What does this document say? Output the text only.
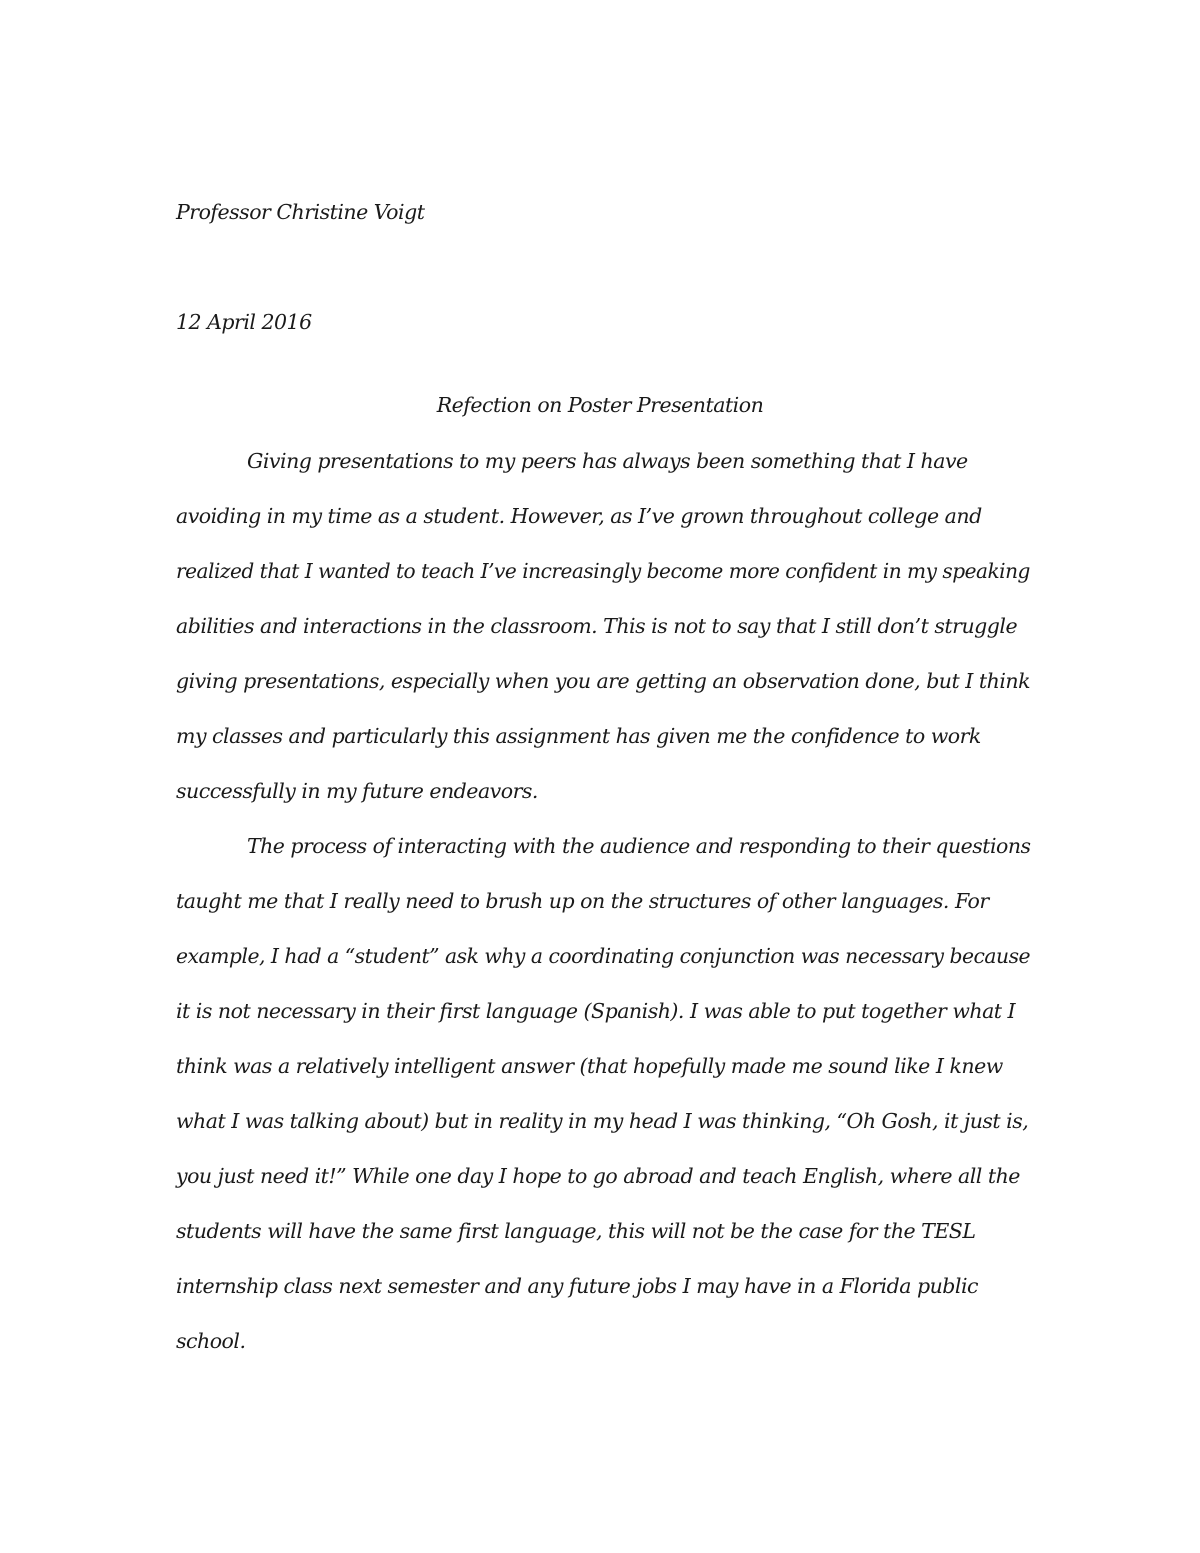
Professor Christine Voigt
12 April 2016
Refection on Poster Presentation
Giving presentations to my peers has always been something that I have
avoiding in my time as a student. However, as I’ve grown throughout college and
realized that I wanted to teach I’ve increasingly become more confident in my speaking
abilities and interactions in the classroom. This is not to say that I still don’t struggle
giving presentations, especially when you are getting an observation done, but I think
my classes and particularly this assignment has given me the confidence to work
successfully in my future endeavors.
The process of interacting with the audience and responding to their questions
taught me that I really need to brush up on the structures of other languages. For
example, I had a “student” ask why a coordinating conjunction was necessary because
it is not necessary in their first language (Spanish). I was able to put together what I
think was a relatively intelligent answer (that hopefully made me sound like I knew
what I was talking about) but in reality in my head I was thinking, “Oh Gosh, it just is,
you just need it!” While one day I hope to go abroad and teach English, where all the
students will have the same first language, this will not be the case for the TESL
internship class next semester and any future jobs I may have in a Florida public
school.
